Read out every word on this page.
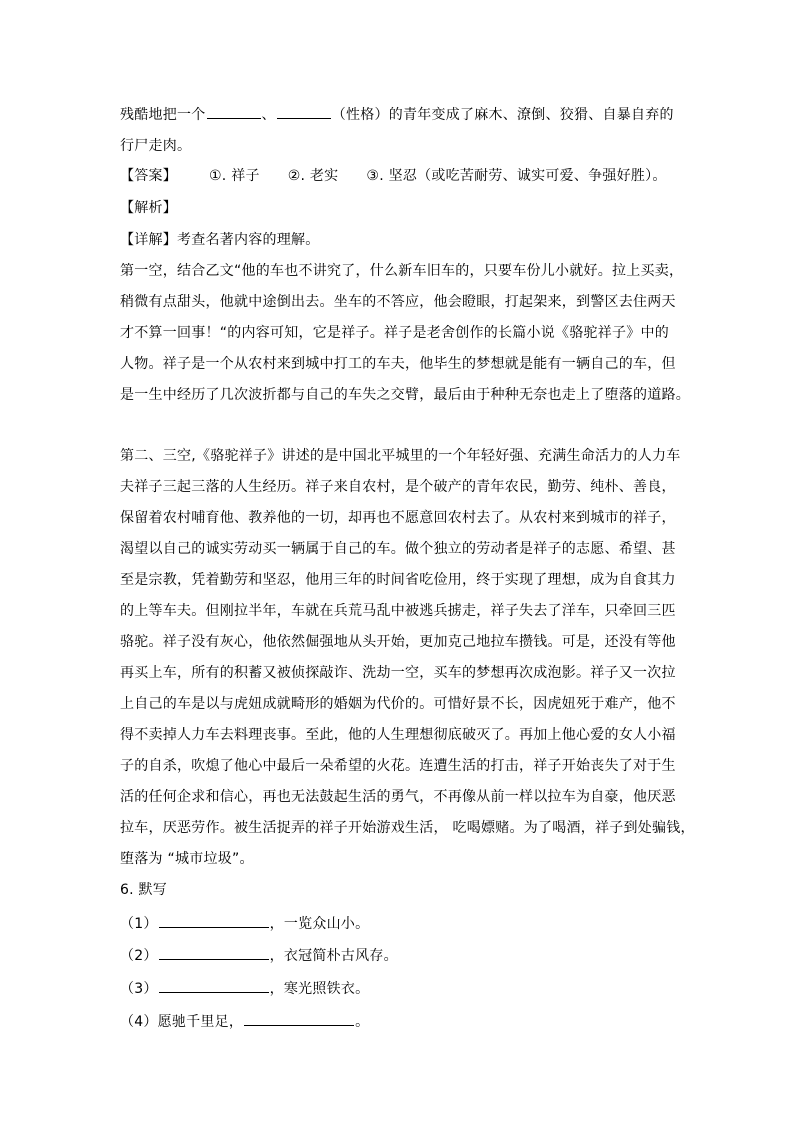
残酷地把一个	、	（性格）的青年变成了麻木、潦倒、狡猾、自暴自弃的
行尸走肉。
【答案】 ①. 祥子 ②. 老实 ③. 坚忍（或吃苦耐劳、诚实可爱、争强好胜）。
【解析】
【详解】考查名著内容的理解。
第一空，结合乙文“他的车也不讲究了，什么新车旧车的，只要车份儿小就好。拉上买卖，
稍微有点甜头，他就中途倒出去。坐车的不答应，他会瞪眼，打起架来，到警区去住两天
才不算一回事！“的内容可知，它是祥子。祥子是老舍创作的长篇小说《骆驼祥子》中的
人物。祥子是一个从农村来到城中打工的车夫，他毕生的梦想就是能有一辆自己的车，但
是一生中经历了几次波折都与自己的车失之交臂，最后由于种种无奈也走上了堕落的道路。
第二、三空,《骆驼祥子》讲述的是中国北平城里的一个年轻好强、充满生命活力的人力车
夫祥子三起三落的人生经历。祥子来自农村，是个破产的青年农民，勤劳、纯朴、善良，
保留着农村哺育他、教养他的一切，却再也不愿意回农村去了。从农村来到城市的祥子，
渴望以自己的诚实劳动买一辆属于自己的车。做个独立的劳动者是祥子的志愿、希望、甚
至是宗教，凭着勤劳和坚忍，他用三年的时间省吃俭用，终于实现了理想，成为自食其力
的上等车夫。但刚拉半年，车就在兵荒马乱中被逃兵掳走，祥子失去了洋车，只牵回三匹
骆驼。祥子没有灰心，他依然倔强地从头开始，更加克己地拉车攒钱。可是，还没有等他
再买上车，所有的积蓄又被侦探敲诈、洗劫一空，买车的梦想再次成泡影。祥子又一次拉
上自己的车是以与虎妞成就畸形的婚姻为代价的。可惜好景不长，因虎妞死于难产，他不
得不卖掉人力车去料理丧事。至此，他的人生理想彻底破灭了。再加上他心爱的女人小福
子的自杀，吹熄了他心中最后一朵希望的火花。连遭生活的打击，祥子开始丧失了对于生
活的任何企求和信心，再也无法鼓起生活的勇气，不再像从前一样以拉车为自豪，他厌恶
拉车，厌恶劳作。被生活捉弄的祥子开始游戏生活， 吃喝嫖赌。为了喝酒，祥子到处骗钱，
堕落为 “城市垃圾”。
6. 默写
（1）	，一览众山小。
（2）	，衣冠简朴古风存。
（3）	，寒光照铁衣。
（4）愿驰千里足，	。
